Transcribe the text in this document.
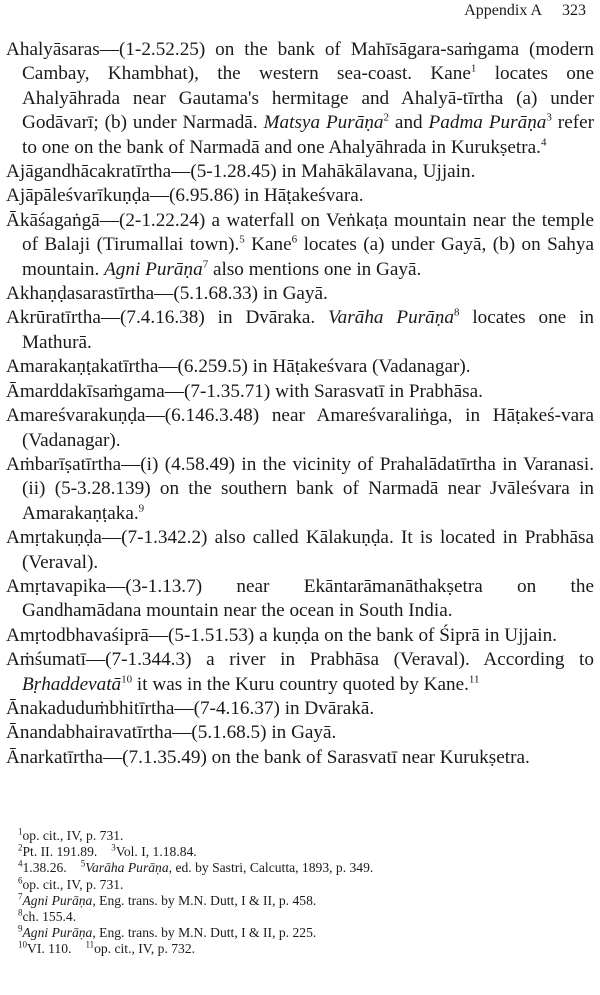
Appendix A 323

Ahalyāsaras—(1-2.52.25) on the bank of Mahīsāgara-saṁgama (modern Cambay, Khambhat), the western sea-coast. Kane$^1$ locates one Ahalyāhrada near Gautama's hermitage and Ahalyā-tīrtha (a) under Godāvarī; (b) under Narmadā. Matsya Purāṇa$^2$ and Padma Purāṇa$^3$ refer to one on the bank of Narmadā and one Ahalyāhrada in Kurukṣetra.$^4$

Ajāgandhācakratīrtha—(5-1.28.45) in Mahākālavana, Ujjain.

Ajāpāleśvarīkuṇḍa—(6.95.86) in Hāṭakeśvara.

Ākāśagaṅgā—(2-1.22.24) a waterfall on Veṅkaṭa mountain near the temple of Balaji (Tirumallai town).$^5$ Kane$^6$ locates (a) under Gayā, (b) on Sahya mountain. Agni Purāṇa$^7$ also mentions one in Gayā.

Akhaṇḍasarastīrtha—(5.1.68.33) in Gayā.

Akrūratīrtha—(7.4.16.38) in Dvāraka. Varāha Purāṇa$^8$ locates one in Mathurā.

Amarakaṇṭakatīrtha—(6.259.5) in Hāṭakeśvara (Vadanagar).

Āmarddakīsaṁgama—(7-1.35.71) with Sarasvatī in Prabhāsa.

Amareśvarakuṇḍa—(6.146.3.48) near Amareśvaraliṅga, in Hāṭakeś-vara (Vadanagar).

Aṁbarīṣatīrtha—(i) (4.58.49) in the vicinity of Prahalādatīrtha in Varanasi. (ii) (5-3.28.139) on the southern bank of Narmadā near Jvāleśvara in Amarakaṇṭaka.$^9$

Amṛtakuṇḍa—(7-1.342.2) also called Kālakuṇḍa. It is located in Prabhāsa (Veraval).

Amṛtavapika—(3-1.13.7) near Ekāntarāmanāthakṣetra on the Gandhamādana mountain near the ocean in South India.

Amṛtodbhavaśiprā—(5-1.51.53) a kuṇḍa on the bank of Śiprā in Ujjain.

Aṁśumatī—(7-1.344.3) a river in Prabhāsa (Veraval). According to Bṛhaddevatā$^{10}$ it was in the Kuru country quoted by Kane.$^{11}$

Ānakaduduṁbhitīrtha—(7-4.16.37) in Dvārakā.

Ānandabhairavatīrtha—(5.1.68.5) in Gayā.

Ānarkatīrtha—(7.1.35.49) on the bank of Sarasvatī near Kurukṣetra.

$^1$op. cit., IV, p. 731.
$^2$Pt. II. 191.89. $^3$Vol. I, 1.18.84.
$^4$1.38.26. $^5$Varāha Purāṇa, ed. by Sastri, Calcutta, 1893, p. 349.
$^6$op. cit., IV, p. 731.
$^7$Agni Purāṇa, Eng. trans. by M.N. Dutt, I & II, p. 458.
$^8$ch. 155.4.
$^9$Agni Purāṇa, Eng. trans. by M.N. Dutt, I & II, p. 225.
$^{10}$VI. 110. $^{11}$op. cit., IV, p. 732.
